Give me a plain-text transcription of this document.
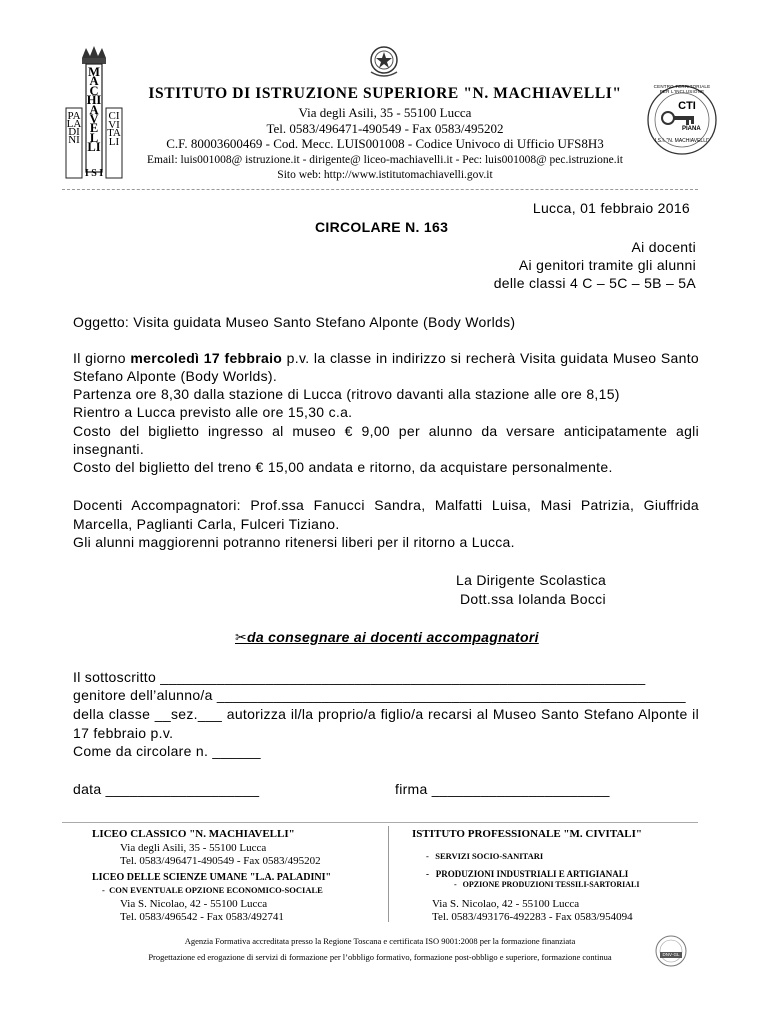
MACHIAVELLI
PALADINI
CIVITALI
I S I
ISTITUTO DI ISTRUZIONE SUPERIORE "N. MACHIAVELLI"
Via degli Asili, 35 - 55100 Lucca
Tel. 0583/496471-490549 - Fax 0583/495202
C.F. 80003600469 - Cod. Mecc. LUIS001008 - Codice Univoco di Ufficio UFS8H3
Email: luis001008@ istruzione.it - dirigente@ liceo-machiavelli.it - Pec: luis001008@ pec.istruzione.it
Sito web: http://www.istitutomachiavelli.gov.it
CENTRO TERRITORIALE PER L'INCLUSIONE
CTI
PIANA
I.S.I. "N. MACHIAVELLI"
Lucca, 01 febbraio 2016
CIRCOLARE N. 163
Ai docenti
Ai genitori tramite gli alunni
delle classi 4 C – 5C – 5B – 5A
Oggetto: Visita guidata Museo Santo Stefano Alponte (Body Worlds)
Il giorno mercoledì 17 febbraio p.v. la classe in indirizzo si recherà Visita guidata Museo Santo Stefano Alponte (Body Worlds).
Partenza ore 8,30 dalla stazione di Lucca (ritrovo davanti alla stazione alle ore 8,15)
Rientro a Lucca previsto alle ore 15,30 c.a.
Costo del biglietto ingresso al museo € 9,00 per alunno da versare anticipatamente agli insegnanti.
Costo del biglietto del treno € 15,00 andata e ritorno, da acquistare personalmente.
Docenti Accompagnatori: Prof.ssa Fanucci Sandra, Malfatti Luisa, Masi Patrizia, Giuffrida Marcella, Paglianti Carla, Fulceri Tiziano.
Gli alunni maggiorenni potranno ritenersi liberi per il ritorno a Lucca.
La Dirigente Scolastica
Dott.ssa Iolanda Bocci
✂da consegnare ai docenti accompagnatori
Il sottoscritto ____________________________________________________________
genitore dell’alunno/a __________________________________________________________
della classe __sez.___ autorizza il/la proprio/a figlio/a recarsi al Museo Santo Stefano Alponte il 17 febbraio p.v.
Come da circolare n. ______
data ___________________	firma ______________________
LICEO CLASSICO "N. MACHIAVELLI"
Via degli Asili, 35 - 55100 Lucca
Tel. 0583/496471-490549 - Fax 0583/495202
LICEO DELLE SCIENZE UMANE "L.A. PALADINI"
-  CON EVENTUALE OPZIONE ECONOMICO-SOCIALE
Via S. Nicolao, 42 - 55100 Lucca
Tel. 0583/496542 - Fax 0583/492741
ISTITUTO PROFESSIONALE "M. CIVITALI"
-   SERVIZI SOCIO-SANITARI
-   PRODUZIONI INDUSTRIALI E ARTIGIANALI
-   OPZIONE PRODUZIONI TESSILI-SARTORIALI
Via S. Nicolao, 42 - 55100 Lucca
Tel. 0583/493176-492283 - Fax 0583/954094
Agenzia Formativa accreditata presso la Regione Toscana e certificata ISO 9001:2008 per la formazione finanziata
Progettazione ed erogazione di servizi di formazione per l’obbligo formativo, formazione post-obbligo e superiore, formazione continua	DNV·GL
